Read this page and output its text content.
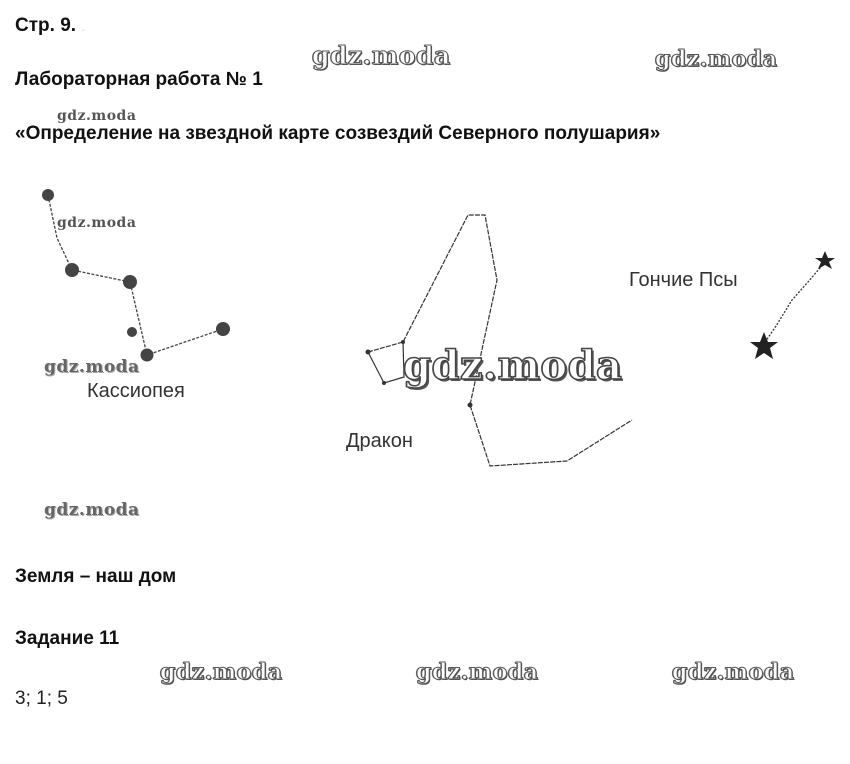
Стр. 9. .
Лабораторная работа № 1
«Определение на звездной карте созвездий Северного полушария»
Кассиопея
Дракон
Гончие Псы
Земля – наш дом
Задание 11
3; 1; 5
gdz.moda	gdz.moda
gdz.moda
gdz.moda
gdz.moda	gdz.moda
gdz.moda
gdz.moda	gdz.moda	gdz.moda
